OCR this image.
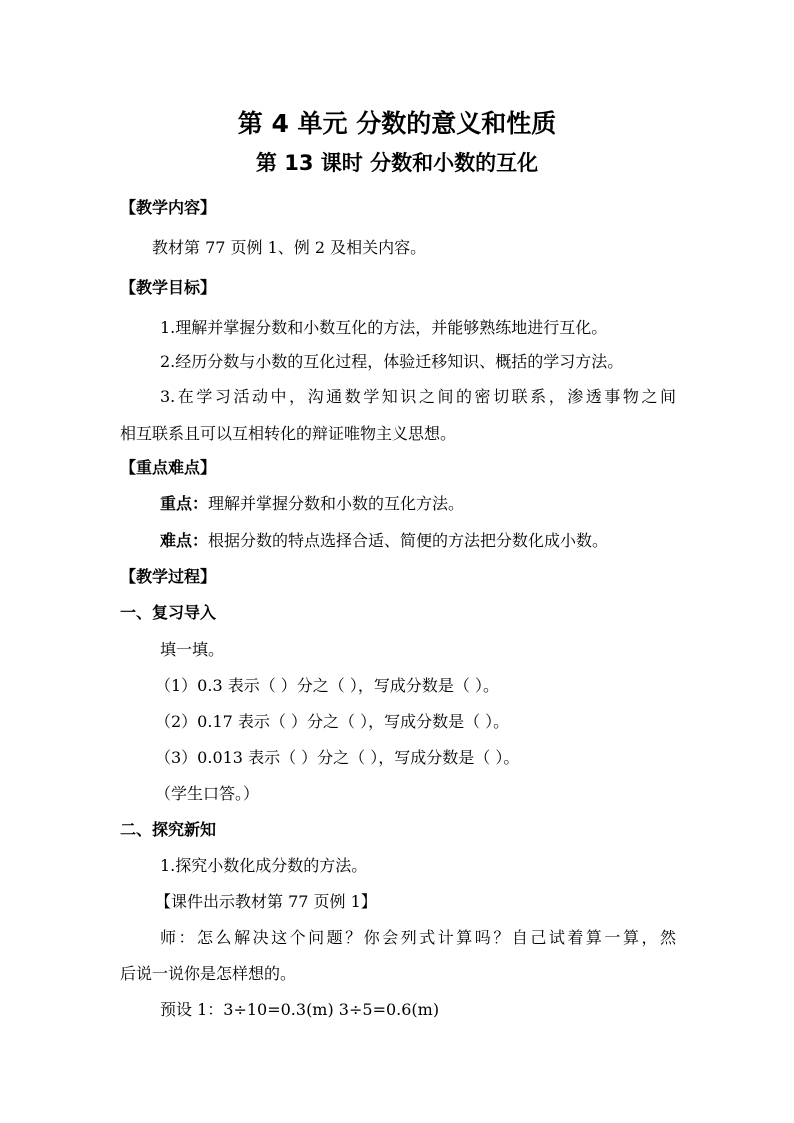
第 4 单元 分数的意义和性质
第 13 课时 分数和小数的互化
【教学内容】
教材第 77 页例 1、例 2 及相关内容。
【教学目标】
1.理解并掌握分数和小数互化的方法，并能够熟练地进行互化。
2.经历分数与小数的互化过程，体验迁移知识、概括的学习方法。
3.在学习活动中，沟通数学知识之间的密切联系，渗透事物之间
相互联系且可以互相转化的辩证唯物主义思想。
【重点难点】
重点：理解并掌握分数和小数的互化方法。
难点：根据分数的特点选择合适、简便的方法把分数化成小数。
【教学过程】
一、复习导入
填一填。
（1）0.3 表示（ ）分之（ ），写成分数是（ ）。
（2）0.17 表示（ ）分之（ ），写成分数是（ ）。
（3）0.013 表示（ ）分之（ ），写成分数是（ ）。
（学生口答。）
二、探究新知
1.探究小数化成分数的方法。
【课件出示教材第 77 页例 1】
师：怎么解决这个问题？你会列式计算吗？自己试着算一算，然
后说一说你是怎样想的。
预设 1：3÷10=0.3(m) 3÷5=0.6(m)
